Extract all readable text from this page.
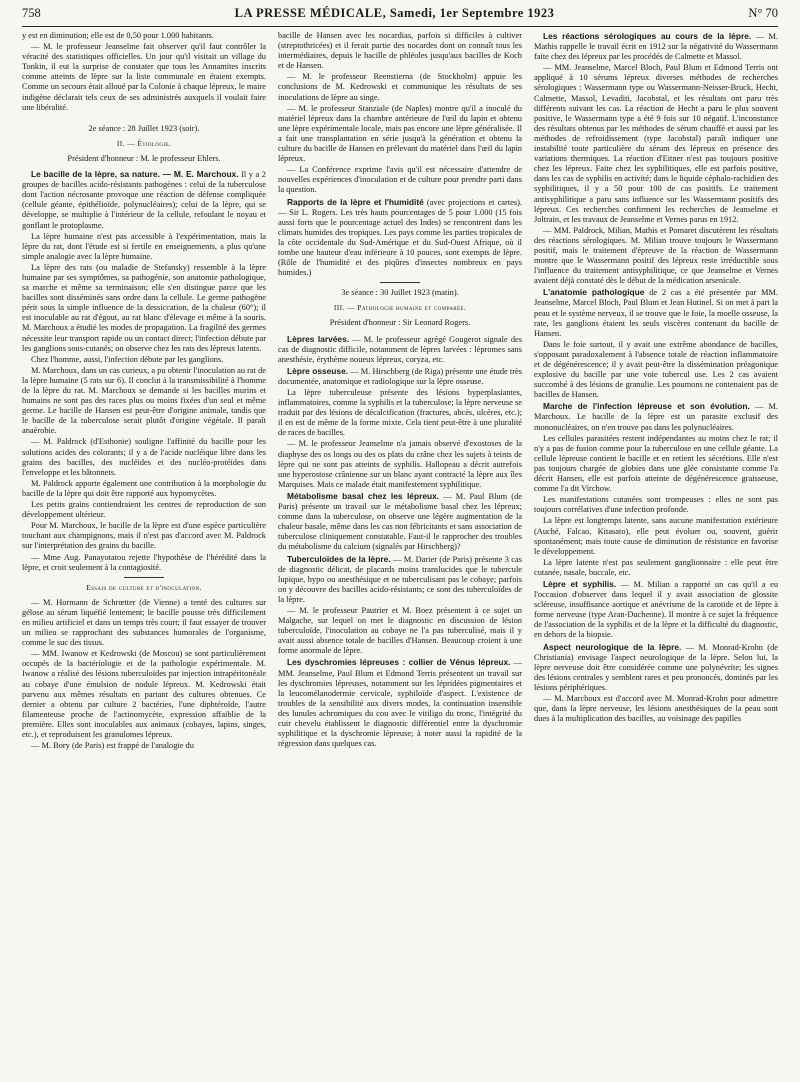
758	LA PRESSE MÉDICALE, Samedi, 1er Septembre 1923	N° 70

y est en diminution; elle est de 0,50 pour 1.000 habitants.

— M. le professeur Jeanselme fait observer qu'il faut contrôler la véracité des statistiques officielles. Un jour qu'il visitait un village du Tonkin, il eut la surprise de constater que tous les Annamites inscrits comme atteints de lèpre sur la liste communale en étaient exempts. Comme un secours était alloué par la Colonie à chaque lépreux, le maire indigène déclarait tels ceux de ses administrés auxquels il voulait faire une libéralité.

2e séance : 28 Juillet 1923 (soir).

II. — Étiologie.

Président d'honneur : M. le professeur Ehlers.

Le bacille de la lèpre, sa nature. — M. E. Marchoux. Il y a 2 groupes de bacilles acido-résistants pathogènes : celui de la tuberculose dont l'action nécrosante provoque une réaction de défense compliquée (cellule géante, épithélioïde, polynucléaires); celui de la lèpre, qui se développe, se multiplie à l'intérieur de la cellule, refoulant le noyau et gonflant le protoplasme.

La lèpre humaine n'est pas accessible à l'expérimentation, mais la lèpre du rat, dont l'étude est si fertile en enseignements, a plus qu'une simple analogie avec la lèpre humaine.

La lèpre des rats (ou maladie de Stefansky) ressemble à la lèpre humaine par ses symptômes, sa pathogénie, son anatomie pathologique, sa marche et même sa terminaison; elle s'en distingue parce que les bacilles sont disséminés sans ordre dans la cellule. Le germe pathogène périt sous la simple influence de la dessiccation, de la chaleur (60°); il est inoculable au rat d'égout, au rat blanc d'élevage et même à la souris. M. Marchoux a étudié les modes de propagation. La fragilité des germes nécessite leur transport rapide ou un contact direct; l'infection débute par les ganglions sous-cutanés; on observe chez les rats des lépreux latents.

Chez l'homme, aussi, l'infection débute par les ganglions.

M. Marchoux, dans un cas curieux, a pu obtenir l'inoculation au rat de la lèpre humaine (5 rats sur 6). Il conclut à la transmissibilité à l'homme de la lèpre du rat. M. Marchoux se demande si les bacilles murins et humains ne sont pas des races plus ou moins fixées d'un seul et même germe. Le bacille de Hansen est peut-être d'origine animale, tandis que le bacille de la tuberculose serait plutôt d'origine végétale. Il paraît anaérobie.

— M. Paldrock (d'Esthonie) souligne l'affinité du bacille pour les solutions acides des colorants; il y a de l'acide nucléique libre dans les grains des bacilles, des nucléides et des nucléo-protéides dans l'enveloppe et les bâtonnets.

M. Paldrock apporte également une contribution à la morphologie du bacille de la lèpre qui doit être rapporté aux hypomycètes.

Les petits grains contiendraient les centres de reproduction de son développement ultérieur.

Pour M. Marchoux, le bacille de la lèpre est d'une espèce particulière touchant aux champignons, mais il n'est pas d'accord avec M. Paldrock sur l'interprétation des grains du bacille.

— Mme Aug. Panayotatou rejette l'hypothèse de l'hérédité dans la lèpre, et croit seulement à la contagiosité.

Essais de culture et d'inoculation.

— M. Hormann de Schrœtter (de Vienne) a tenté des cultures sur gélose au sérum liquéfié lentement; le bacille pousse très difficilement en milieu artificiel et dans un temps très court; il faut essayer de trouver un milieu se rapprochant des substances humorales de l'organisme, comme le suc des tissus.

— MM. Iwanow et Kedrowski (de Moscou) se sont particulièrement occupés de la bactériologie et de la pathologie expérimentale. M. Iwanow a réalisé des lésions tuberculoïdes par injection intrapéritonéale au cobaye d'une émulsion de nodule lépreux. M. Kedrowski était parvenu aux mêmes résultats en partant des cultures obtenues. Ce dernier a obtenu par culture 2 bactéries, l'une diphtéroïde, l'autre filamenteuse proche de l'actinomycète, expression affaiblie de la première. Elles sont inoculables aux animaux (cobayes, lapins, singes, etc.), et reproduisent les granulomes lépreux.

— M. Bory (de Paris) est frappé de l'analogie du

bacille de Hansen avec les nocardias, parfois si difficiles à cultiver (streptothricées) et il ferait partie des nocardes dont on connaît tous les intermédiaires, depuis le bacille de phléoles jusqu'aux bacilles de Koch et de Hansen.

— M. le professeur Reenstierna (de Stockholm) appuie les conclusions de M. Kedrowski et communique les résultats de ses inoculations de lèpre au singe.

— M. le professeur Stanziale (de Naples) montre qu'il a inoculé du matériel lépreux dans la chambre antérieure de l'œil du lapin et obtenu une lèpre expérimentale locale, mais pas encore une lèpre généralisée. Il a fait une transplantation en série jusqu'à la génération et obtenu la culture du bacille de Hansen en prélevant du matériel dans l'œil du lapin lépreux.

— La Conférence exprime l'avis qu'il est nécessaire d'attendre de nouvelles expériences d'inoculation et de culture pour prendre parti dans la question.

Rapports de la lèpre et l'humidité (avec projections et cartes). — Sir L. Rogers. Les très hauts pourcentages de 5 pour 1.000 (15 fois aussi forts que le pourcentage actuel des Indes) se rencontrent dans les climats humides des tropiques. Les pays comme les parties tropicales de la côte occidentale du Sud-Amérique et du Sud-Ouest Afrique, où il tombe une hauteur d'eau inférieure à 10 pouces, sont exempts de lèpre. (Rôle de l'humidité et des piqûres d'insectes nombreux en pays humides.)

3e séance : 30 Juillet 1923 (matin).

III. — Pathologie humaine et comparée.

Président d'honneur : Sir Leonard Rogers.

Lèpres larvées. — M. le professeur agrégé Gougerot signale des cas de diagnostic difficile, notamment de lèpres larvées : lépromes sans anesthésie, érythème noueux lépreux, coryza, etc.

Lèpre osseuse. — M. Hirschberg (de Riga) présente une étude très documentée, anatomique et radiologique sur la lèpre osseuse.

La lèpre tuberculeuse présente des lésions hyperplasiantes, inflammatoires, comme la syphilis et la tuberculose; la lèpre nerveuse se traduit par des lésions de décalcification (fractures, abcès, ulcères, etc.); il en est de même de la forme mixte. Cela tient peut-être à une pluralité de races de bacilles.

— M. le professeur Jeanselme n'a jamais observé d'exostoses de la diaphyse des os longs ou des os plats du crâne chez les sujets à teints de lèpre qui ne sont pas atteints de syphilis. Hallopeau a décrit autrefois une hyperostose crânienne sur un blanc ayant contracté la lèpre aux îles Marquises. Mais ce malade était manifestement syphilitique.

Métabolisme basal chez les lépreux. — M. Paul Blum (de Paris) présente un travail sur le métabolisme basal chez les lépreux; comme dans la tuberculose, on observe une légère augmentation de la chaleur basale, même dans les cas non fébricitants et sans association de tuberculose cliniquement constatable. Faut-il le rapprocher des troubles du métabolisme du calcium (signalés par Hirschberg)?

Tuberculoïdes de la lèpre. — M. Darier (de Paris) présente 3 cas de diagnostic délicat, de placards moins translucides que le tubercule lupique, hypo ou anesthésique et ne tuberculisant pas le cobaye; parfois on y découvre des bacilles acido-résistants; ce sont des tuberculoïdes de la lèpre.

— M. le professeur Pautrier et M. Boez présentent à ce sujet un Malgache, sur lequel on met le diagnostic en discussion de lésion tuberculoïde, l'inoculation au cobaye ne l'a pas tuberculisé, mais il y avait aussi absence totale de bacilles d'Hansen. Beaucoup croient à une forme anormale de lèpre.

Les dyschromies lépreuses : collier de Vénus lépreux. — MM. Jeanselme, Paul Blum et Edmond Terris présentent un travail sur les dyschromies lépreuses, notamment sur les lépridées pigmentaires et la leucomélanodermie cervicale, syphiloïde d'aspect. L'existence de troubles de la sensibilité aux divers modes, la continuation insensible des lunules achromiques du cou avec le vitiligo du tronc, l'intégrité du cuir chevelu établissent le diagnostic différentiel entre la dyschromie syphilitique et la dyschromie lépreuse; à noter aussi la rapidité de la régression dans quelques cas.

Les réactions sérologiques au cours de la lèpre. — M. Mathis rappelle le travail écrit en 1912 sur la négativité du Wassermann faite chez des lépreux par les procédés de Calmette et Massol.

— MM. Jeanselme, Marcel Bloch, Paul Blum et Edmond Terris ont appliqué à 10 sérums lépreux diverses méthodes de recherches sérologiques : Wassermann type ou Wassermann-Neisser-Bruck, Hecht, Calmette, Massol, Levaditi, Jacobstal, et les résultats ont paru très différents suivant les cas. La réaction de Hecht a paru le plus souvent positive, le Wassermann type a été 9 fois sur 10 négatif. L'inconstance des résultats obtenus par les méthodes de sérum chauffé et aussi par les méthodes de refroidissement (type Jacobstal) paraît indiquer une instabilité toute particulière du sérum des lépreux en présence des variations thermiques. La réaction d'Eitner n'est pas toujours positive chez les lépreux. Faite chez les syphilitiques, elle est parfois positive, dans les cas de syphilis en activité; dans le liquide céphalo-rachidien des syphilitiques, il y a 50 pour 100 de cas positifs. Le traitement antisyphilitique a paru sans influence sur les Wassermann positifs des lépreux. Ces recherches confirment les recherches de Jeanselme et Joltrain, et les travaux de Jeanselme et Vernes parus en 1912.

— MM. Paldrock, Milian, Mathis et Pomaret discutèrent les résultats des réactions sérologiques. M. Milian trouve toujours le Wassermann positif, mais le traitement d'épreuve de la réaction de Wassermann montre que le Wassermann positif des lépreux reste irréductible sous l'influence du traitement antisyphilitique, ce que Jeanselme et Vernes avaient déjà constaté dès le début de la médication arsenicale.

L'anatomie pathologique de 2 cas a été présentée par MM. Jeanselme, Marcel Bloch, Paul Blum et Jean Hutinel. Si on met à part la peau et le système nerveux, il se trouve que le foie, la moelle osseuse, la rate, les ganglions étaient les seuls viscères contenant du bacille de Hansen.

Dans le foie surtout, il y avait une extrême abondance de bacilles, s'opposant paradoxalement à l'absence totale de réaction inflammatoire et de dégénérescence; il y avait peut-être la dissémination préagonique explosive du bacille par une voie tubercul use. Les 2 cas avaient succombé à des lésions de granulie. Les poumons ne contenaient pas de bacilles de Hansen.

Marche de l'infection lépreuse et son évolution. — M. Marchoux. Le bacille de la lèpre est un parasite exclusif des mononucléaires, on n'en trouve pas dans les polynucléaires.

Les cellules parasitées restent indépendantes au moins chez le rat; il n'y a pas de fusion comme pour la tuberculose en une cellule géante. La cellule lépreuse contient le bacille et en retient les sécrétions. Elle n'est pas toujours chargée de globies dans une glée consistante comme l'a décrit Hansen, elle est parfois atteinte de dégénérescence graisseuse, comme l'a dit Virchow.

Les manifestations cutanées sont trompeuses : elles ne sont pas toujours corrélatives d'une infection profonde.

La lèpre est longtemps latente, sans aucune manifestation extérieure (Auché, Falcao, Kitasato), elle peut évoluer ou, souvent, guérir spontanément; mais toute cause de diminution de résistance en favorise le développement.

La lèpre latente n'est pas seulement ganglionnaire : elle peut être cutanée, nasale, buccale, etc.

Lèpre et syphilis. — M. Milian a rapporté un cas qu'il a eu l'occasion d'observer dans lequel il y avait association de glossite scléreuse, insuffisance aortique et anévrisme de la carotide et de lèpre à forme nerveuse (type Aran-Duchenne). Il montre à ce sujet la fréquence de l'association de la syphilis et de la lèpre et la difficulté du diagnostic, en dehors de la biopsie.

Aspect neurologique de la lèpre. — M. Monrad-Krohn (de Christiania) envisage l'aspect neurologique de la lèpre. Selon lui, la lèpre nerveuse doit être considérée comme une polynévrite; les signes des lésions centrales y semblent rares et peu prononcés, dominés par les lésions périphériques.

— M. Marchoux est d'accord avec M. Monrad-Krohn pour admettre que, dans la lèpre nerveuse, les lésions anesthésiques de la peau sont dues à la multiplication des bacilles, au voisinage des papilles
